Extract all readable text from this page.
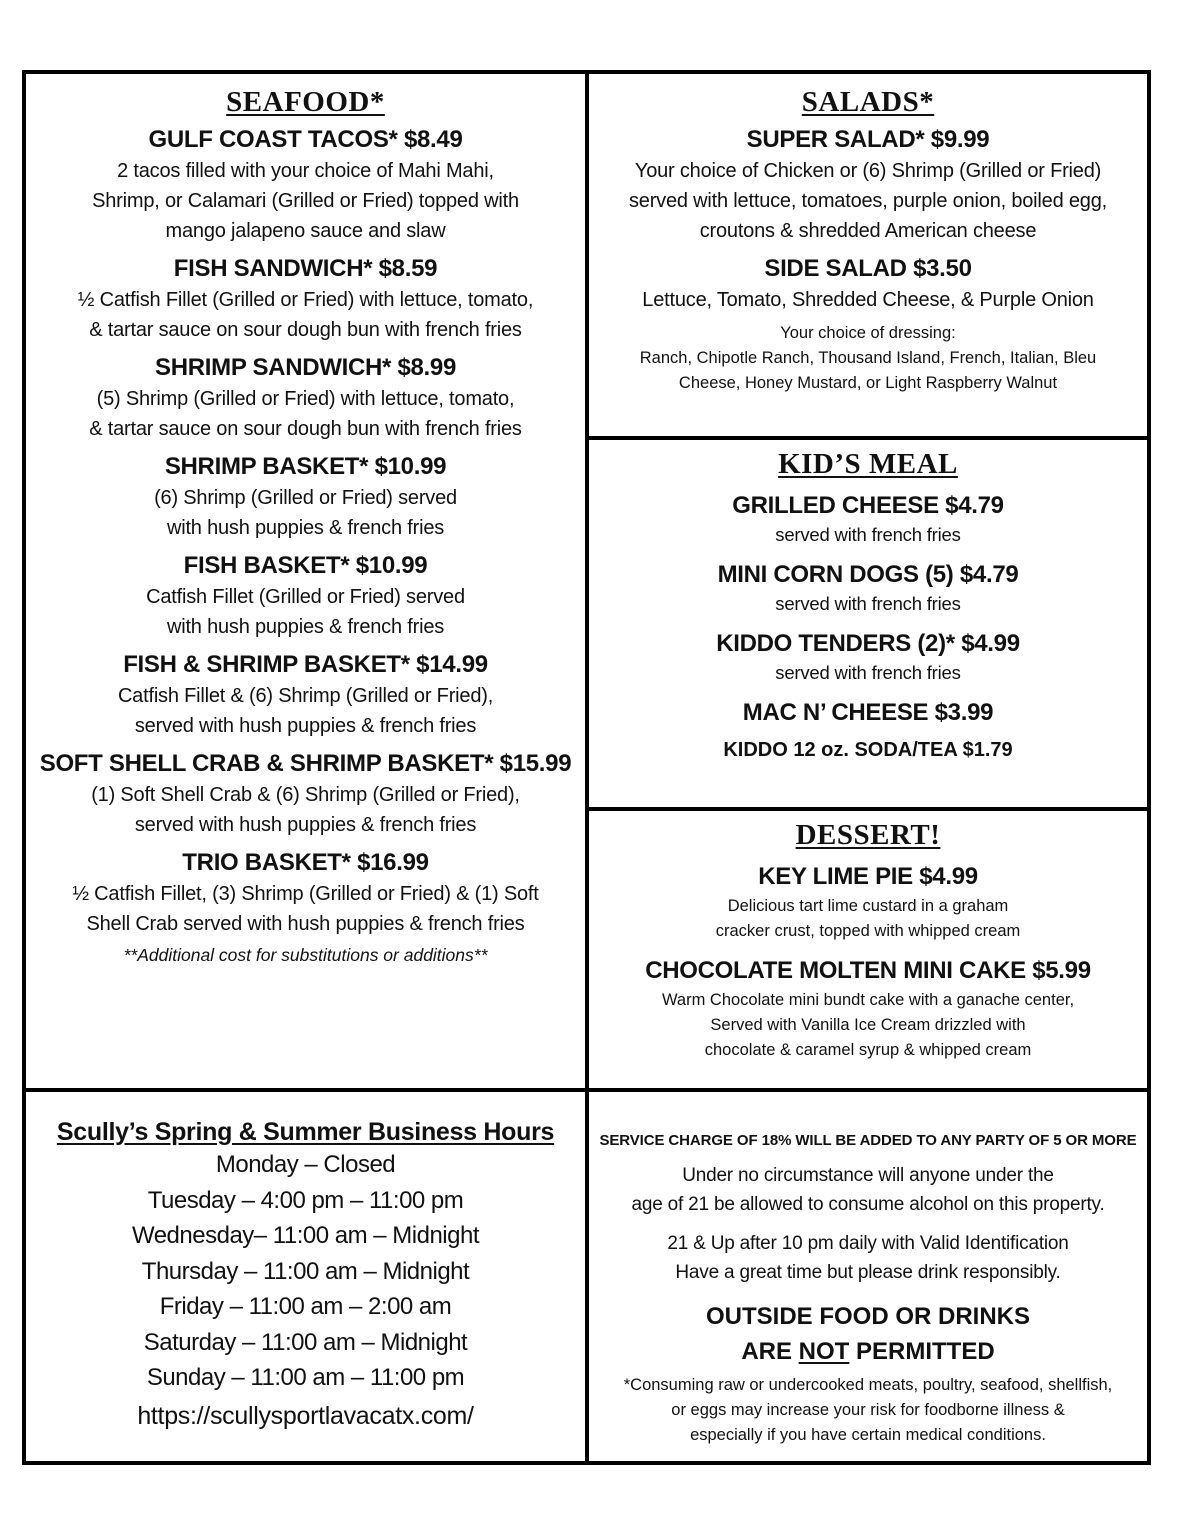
SEAFOOD*
GULF COAST TACOS* $8.49
2 tacos filled with your choice of Mahi Mahi,
Shrimp, or Calamari (Grilled or Fried) topped with
mango jalapeno sauce and slaw
FISH SANDWICH* $8.59
½ Catfish Fillet (Grilled or Fried) with lettuce, tomato,
& tartar sauce on sour dough bun with french fries
SHRIMP SANDWICH* $8.99
(5) Shrimp (Grilled or Fried) with lettuce, tomato,
& tartar sauce on sour dough bun with french fries
SHRIMP BASKET* $10.99
(6) Shrimp (Grilled or Fried) served
with hush puppies & french fries
FISH BASKET* $10.99
Catfish Fillet (Grilled or Fried) served
with hush puppies & french fries
FISH & SHRIMP BASKET* $14.99
Catfish Fillet & (6) Shrimp (Grilled or Fried),
served with hush puppies & french fries
SOFT SHELL CRAB & SHRIMP BASKET* $15.99
(1) Soft Shell Crab & (6) Shrimp (Grilled or Fried),
served with hush puppies & french fries
TRIO BASKET* $16.99
½ Catfish Fillet, (3) Shrimp (Grilled or Fried) & (1) Soft
Shell Crab served with hush puppies & french fries
**Additional cost for substitutions or additions**
SALADS*
SUPER SALAD* $9.99
Your choice of Chicken or (6) Shrimp (Grilled or Fried)
served with lettuce, tomatoes, purple onion, boiled egg,
croutons & shredded American cheese
SIDE SALAD $3.50
Lettuce, Tomato, Shredded Cheese, & Purple Onion
Your choice of dressing:
Ranch, Chipotle Ranch, Thousand Island, French, Italian, Bleu
Cheese, Honey Mustard, or Light Raspberry Walnut
KID’S MEAL
GRILLED CHEESE $4.79
served with french fries
MINI CORN DOGS (5) $4.79
served with french fries
KIDDO TENDERS (2)* $4.99
served with french fries
MAC N’ CHEESE $3.99
KIDDO 12 oz. SODA/TEA $1.79
DESSERT!
KEY LIME PIE $4.99
Delicious tart lime custard in a graham
cracker crust, topped with whipped cream
CHOCOLATE MOLTEN MINI CAKE $5.99
Warm Chocolate mini bundt cake with a ganache center,
Served with Vanilla Ice Cream drizzled with
chocolate & caramel syrup & whipped cream
Scully’s Spring & Summer Business Hours
Monday – Closed
Tuesday – 4:00 pm – 11:00 pm
Wednesday– 11:00 am – Midnight
Thursday – 11:00 am – Midnight
Friday – 11:00 am – 2:00 am
Saturday – 11:00 am – Midnight
Sunday – 11:00 am – 11:00 pm
https://scullysportlavacatx.com/
SERVICE CHARGE OF 18% WILL BE ADDED TO ANY PARTY OF 5 OR MORE
Under no circumstance will anyone under the
age of 21 be allowed to consume alcohol on this property.
21 & Up after 10 pm daily with Valid Identification
Have a great time but please drink responsibly.
OUTSIDE FOOD OR DRINKS
ARE NOT PERMITTED
*Consuming raw or undercooked meats, poultry, seafood, shellfish,
or eggs may increase your risk for foodborne illness &
especially if you have certain medical conditions.
